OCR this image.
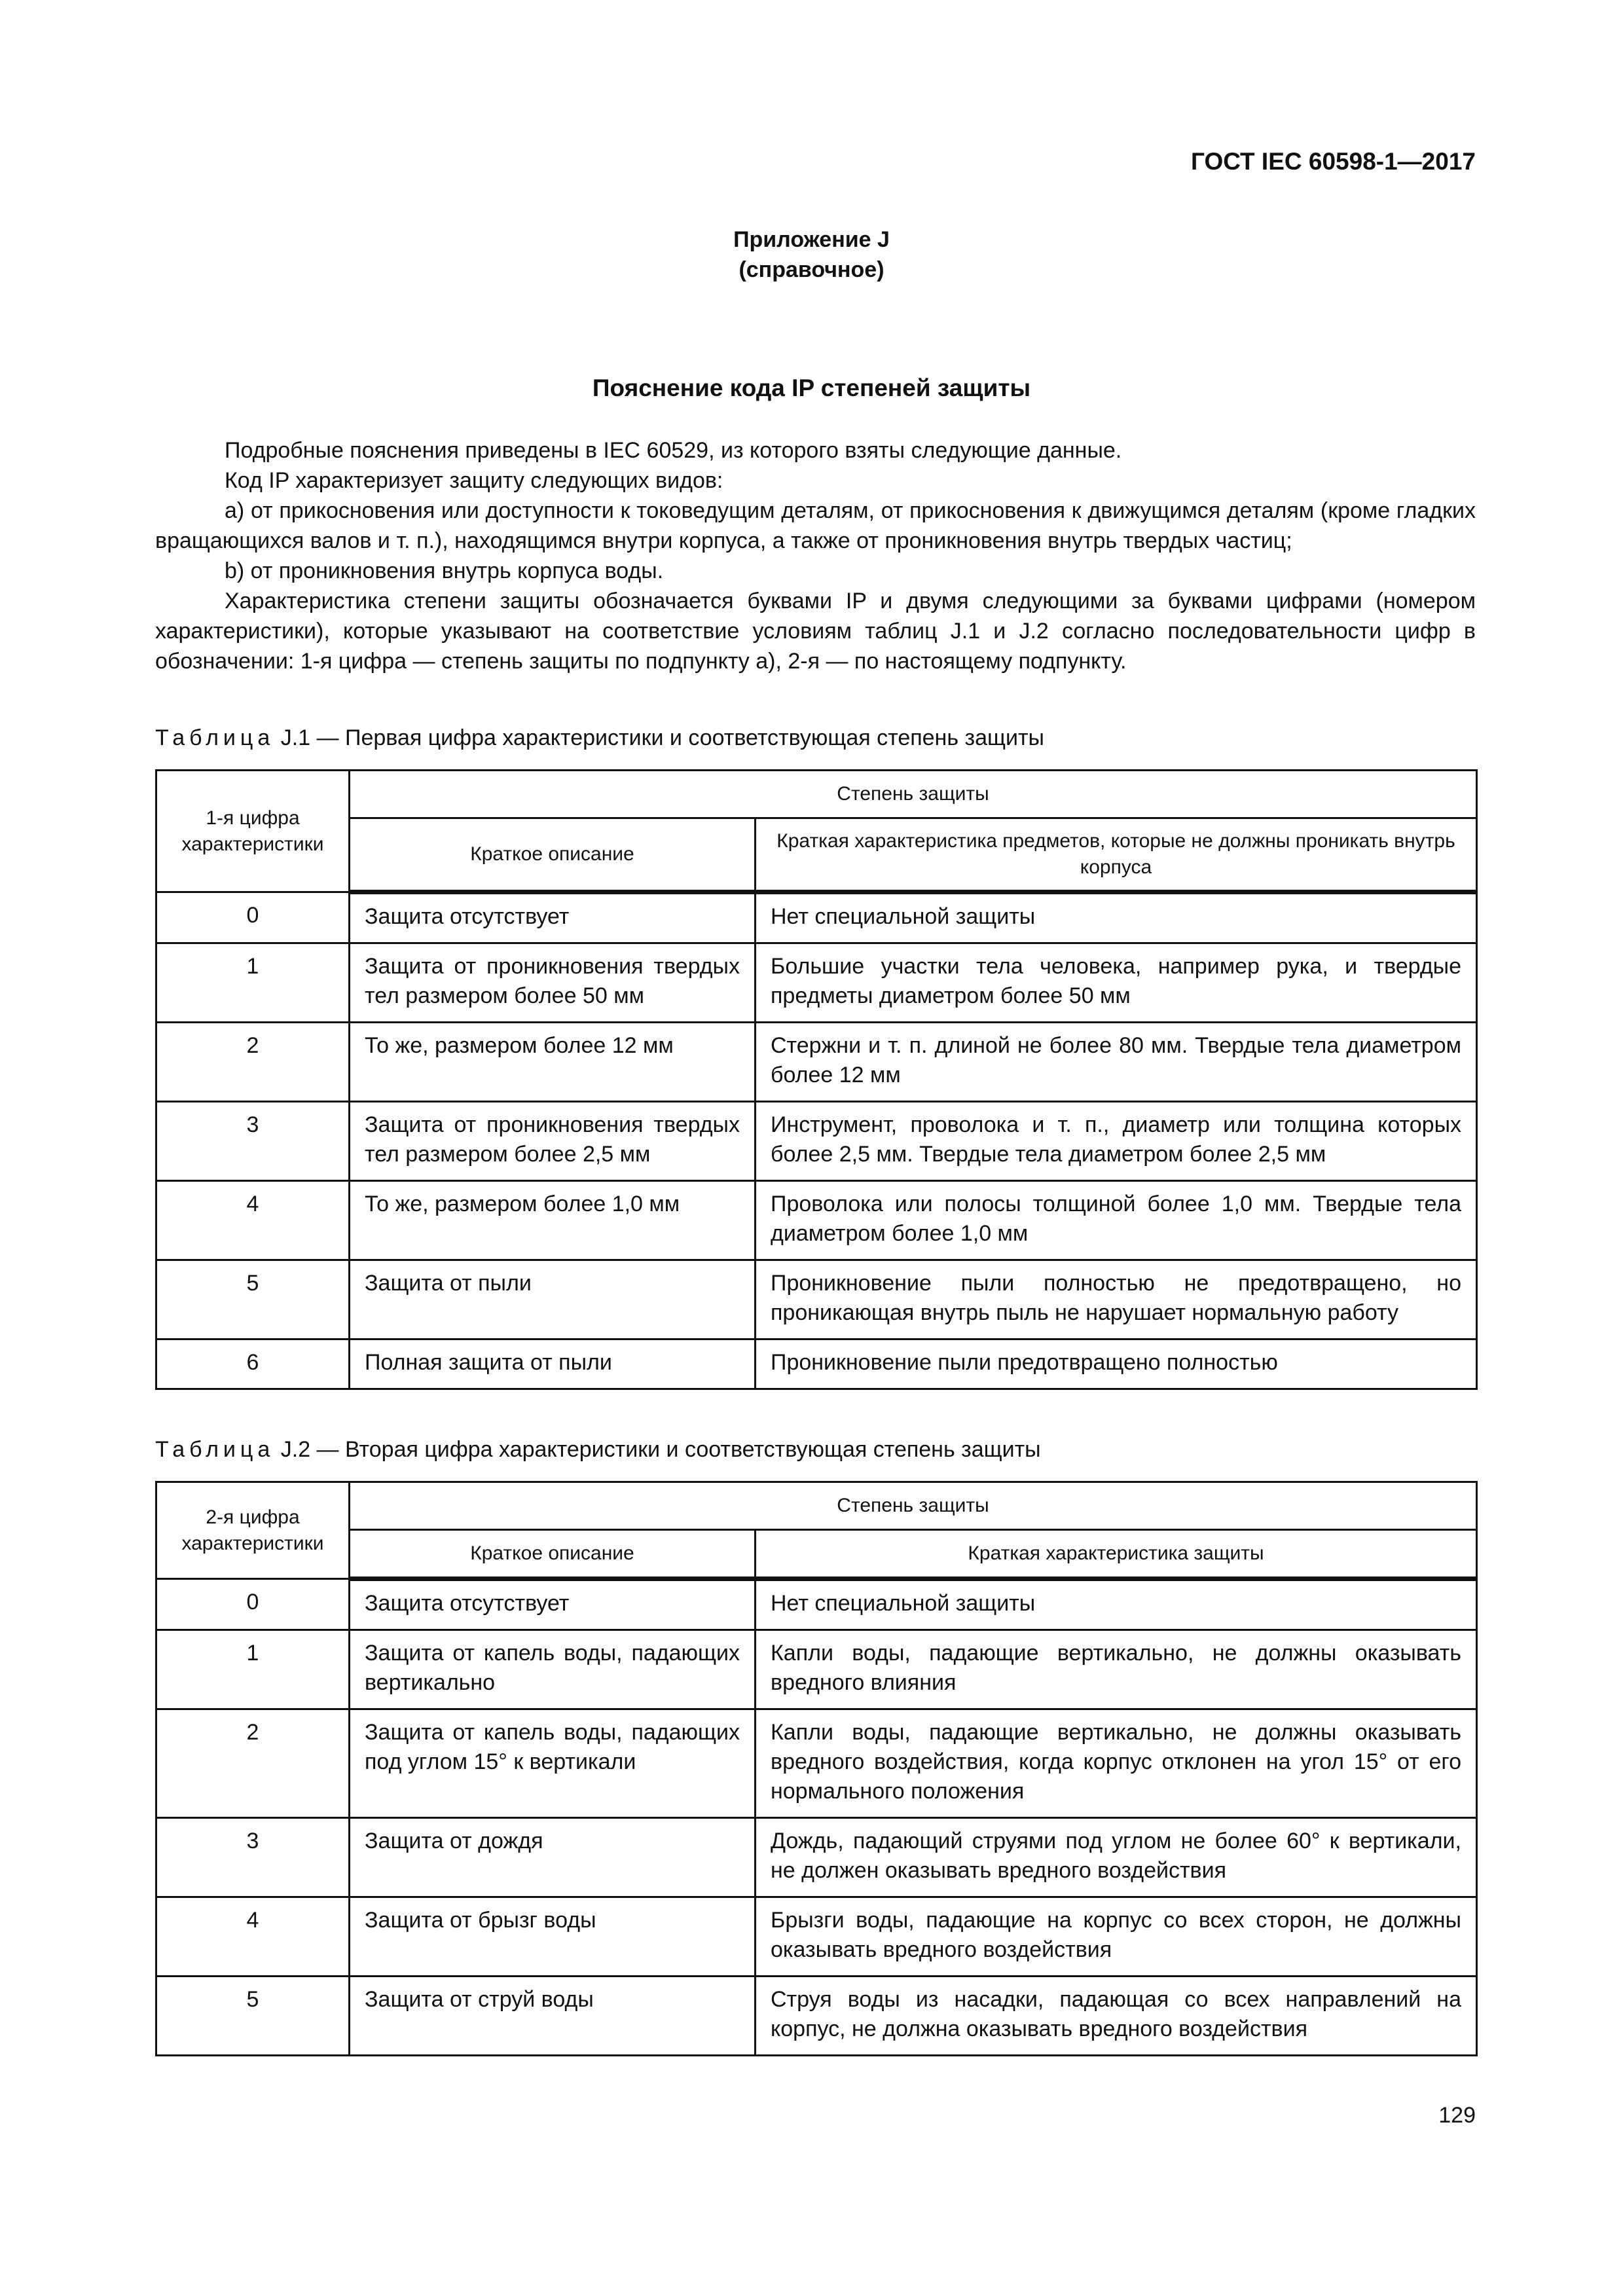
ГОСТ IEC 60598-1—2017
Приложение J
(справочное)
Пояснение кода IP степеней защиты

Подробные пояснения приведены в IEC 60529, из которого взяты следующие данные.

Код IP характеризует защиту следующих видов:

a) от прикосновения или доступности к токоведущим деталям, от прикосновения к движущимся деталям (кроме гладких вращающихся валов и т. п.), находящимся внутри корпуса, а также от проникновения внутрь твердых частиц;

b) от проникновения внутрь корпуса воды.

Характеристика степени защиты обозначается буквами IP и двумя следующими за буквами цифрами (номером характеристики), которые указывают на соответствие условиям таблиц J.1 и J.2 согласно последовательности цифр в обозначении: 1-я цифра — степень защиты по подпункту a), 2-я — по настоящему подпункту.

Таблица J.1 — Первая цифра характеристики и соответствующая степень защиты
1-я цифра характеристики	Степень защиты	
	Краткое описание	Краткая характеристика предметов, которые не должны проникать внутрь корпуса
0	Защита отсутствует	Нет специальной защиты
1	Защита от проникновения твердых тел размером более 50 мм	Большие участки тела человека, например рука, и твердые предметы диаметром более 50 мм
2	То же, размером более 12 мм	Стержни и т. п. длиной не более 80 мм. Твердые тела диаметром более 12 мм
3	Защита от проникновения твердых тел размером более 2,5 мм	Инструмент, проволока и т. п., диаметр или толщина которых более 2,5 мм. Твердые тела диаметром более 2,5 мм
4	То же, размером более 1,0 мм	Проволока или полосы толщиной более 1,0 мм. Твердые тела диаметром более 1,0 мм
5	Защита от пыли	Проникновение пыли полностью не предотвращено, но проникающая внутрь пыль не нарушает нормальную работу
6	Полная защита от пыли	Проникновение пыли предотвращено полностью
Таблица J.2 — Вторая цифра характеристики и соответствующая степень защиты
2-я цифра характеристики	Степень защиты	
	Краткое описание	Краткая характеристика защиты
0	Защита отсутствует	Нет специальной защиты
1	Защита от капель воды, падающих вертикально	Капли воды, падающие вертикально, не должны оказывать вредного влияния
2	Защита от капель воды, падающих под углом 15° к вертикали	Капли воды, падающие вертикально, не должны оказывать вредного воздействия, когда корпус отклонен на угол 15° от его нормального положения
3	Защита от дождя	Дождь, падающий струями под углом не более 60° к вертикали, не должен оказывать вредного воздействия
4	Защита от брызг воды	Брызги воды, падающие на корпус со всех сторон, не должны оказывать вредного воздействия
5	Защита от струй воды	Струя воды из насадки, падающая со всех направлений на корпус, не должна оказывать вредного воздействия
129
